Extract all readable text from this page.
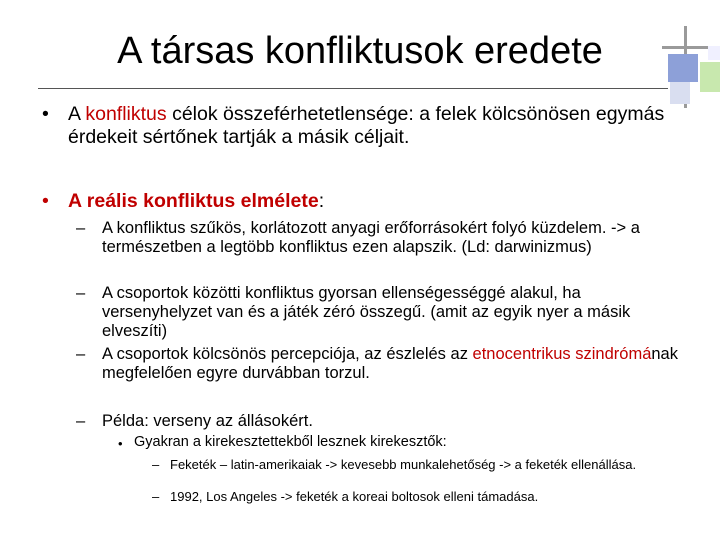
A társas konfliktusok eredete
• A konfliktus célok összeférhetetlensége: a felek kölcsönösen egymás érdekeit sértőnek tartják a másik céljait.
• A reális konfliktus elmélete:
– A konfliktus szűkös, korlátozott anyagi erőforrásokért folyó küzdelem. -> a természetben a legtöbb konfliktus ezen alapszik. (Ld: darwinizmus)
– A csoportok közötti konfliktus gyorsan ellenségességgé alakul, ha versenyhelyzet van és a játék zéró összegű. (amit az egyik nyer a másik elveszíti)
– A csoportok kölcsönös percepciója, az észlelés az etnocentrikus szindrómának megfelelően egyre durvábban torzul.
– Példa: verseny az állásokért.
• Gyakran a kirekesztettekből lesznek kirekesztők:
– Feketék – latin-amerikaiak -> kevesebb munkalehetőség -> a feketék ellenállása.
– 1992, Los Angeles -> feketék a koreai boltosok elleni támadása.
